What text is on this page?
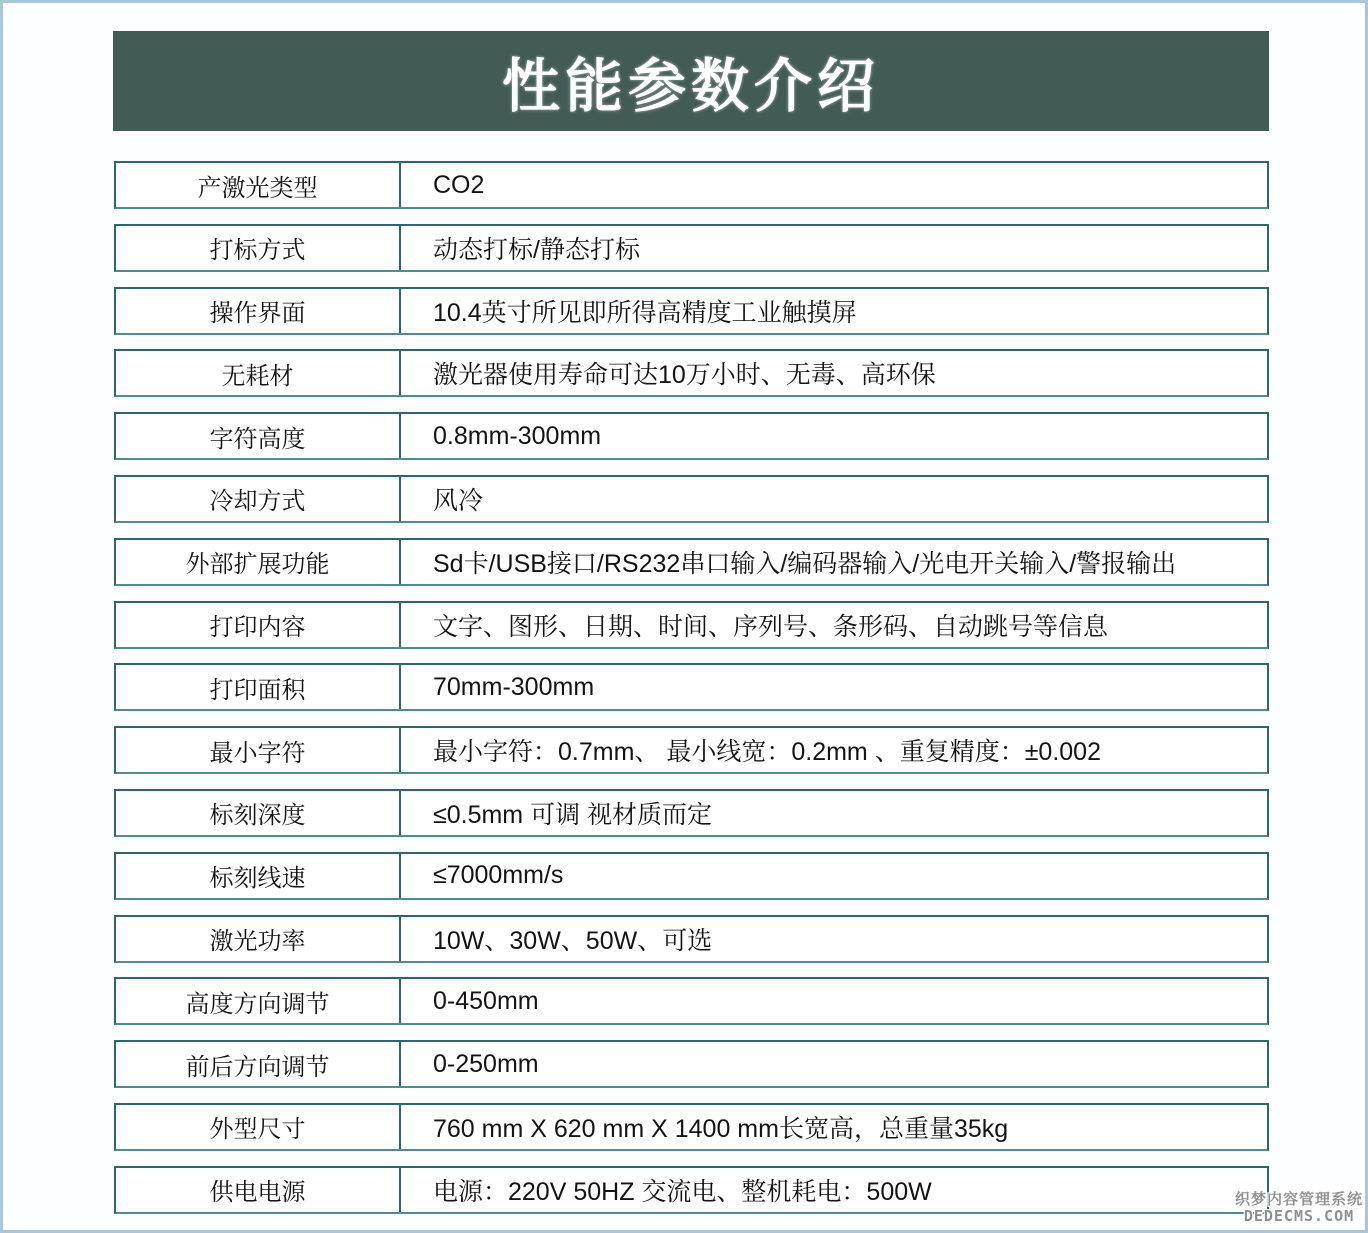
性能参数介绍
产激光类型	CO2
打标方式	动态打标/静态打标
操作界面	10.4英寸所见即所得高精度工业触摸屏
无耗材	激光器使用寿命可达10万小时、无毒、高环保
字符高度	0.8mm-300mm
冷却方式	风冷
外部扩展功能	Sd卡/USB接口/RS232串口输入/编码器输入/光电开关输入/警报输出
打印内容	文字、图形、日期、时间、序列号、条形码、自动跳号等信息
打印面积	70mm-300mm
最小字符	最小字符：0.7mm、 最小线宽：0.2mm 、重复精度：±0.002
标刻深度	≤0.5mm 可调 视材质而定
标刻线速	≤7000mm/s
激光功率	10W、30W、50W、可选
高度方向调节	0-450mm
前后方向调节	0-250mm
外型尺寸	760 mm X 620 mm X 1400 mm长宽高，总重量35kg
供电电源	电源：220V 50HZ 交流电、整机耗电：500W	织梦内容管理系统
DEDECMS.COM
